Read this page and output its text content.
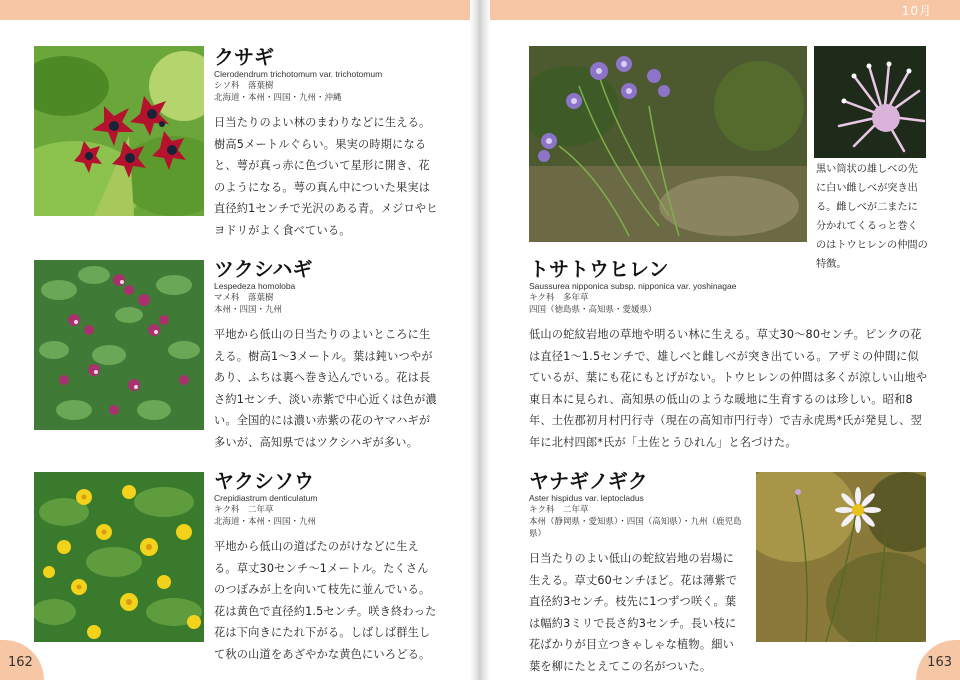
10月
クサギ
Clerodendrum trichotomum var. trichotomum
シソ科　落葉樹
北海道・本州・四国・九州・沖縄
日当たりのよい林のまわりなどに生える。樹高5メートルぐらい。果実の時期になると、萼が真っ赤に色づいて星形に開き、花のようになる。萼の真ん中についた果実は直径約1センチで光沢のある青。メジロやヒヨドリがよく食べている。
ツクシハギ
Lespedeza homoloba
マメ科　落葉樹
本州・四国・九州
平地から低山の日当たりのよいところに生える。樹高1〜3メートル。葉は鈍いつやがあり、ふちは裏へ巻き込んでいる。花は長さ約1センチ、淡い赤紫で中心近くは色が濃い。全国的には濃い赤紫の花のヤマハギが多いが、高知県ではツクシハギが多い。
ヤクシソウ
Crepidiastrum denticulatum
キク科　二年草
北海道・本州・四国・九州
平地から低山の道ばたのがけなどに生える。草丈30センチ〜1メートル。たくさんのつぼみが上を向いて枝先に並んでいる。花は黄色で直径約1.5センチ。咲き終わった花は下向きにたれ下がる。しばしば群生して秋の山道をあざやかな黄色にいろどる。
162
黒い筒状の雄しべの先に白い雌しべが突き出る。雌しべが二またに分かれてくるっと巻くのはトウヒレンの仲間の特徴。
トサトウヒレン
Saussurea nipponica subsp. nipponica var. yoshinagae
キク科　多年草
四国（徳島県・高知県・愛媛県）
低山の蛇紋岩地の草地や明るい林に生える。草丈30〜80センチ。ピンクの花は直径1〜1.5センチで、雄しべと雌しべが突き出ている。アザミの仲間に似ているが、葉にも花にもとげがない。トウヒレンの仲間は多くが涼しい山地や東日本に見られ、高知県の低山のような暖地に生育するのは珍しい。昭和8年、土佐郡初月村円行寺（現在の高知市円行寺）で吉永虎馬*氏が発見し、翌年に北村四郎*氏が「土佐とうひれん」と名づけた。
ヤナギノギク
Aster hispidus var. leptocladus
キク科　二年草
本州（静岡県・愛知県）・四国（高知県）・九州（鹿児島県）
日当たりのよい低山の蛇紋岩地の岩場に生える。草丈60センチほど。花は薄紫で直径約3センチ。枝先に1つずつ咲く。葉は幅約3ミリで長さ約3センチ。長い枝に花ばかりが目立つきゃしゃな植物。細い葉を柳にたとえてこの名がついた。	163
